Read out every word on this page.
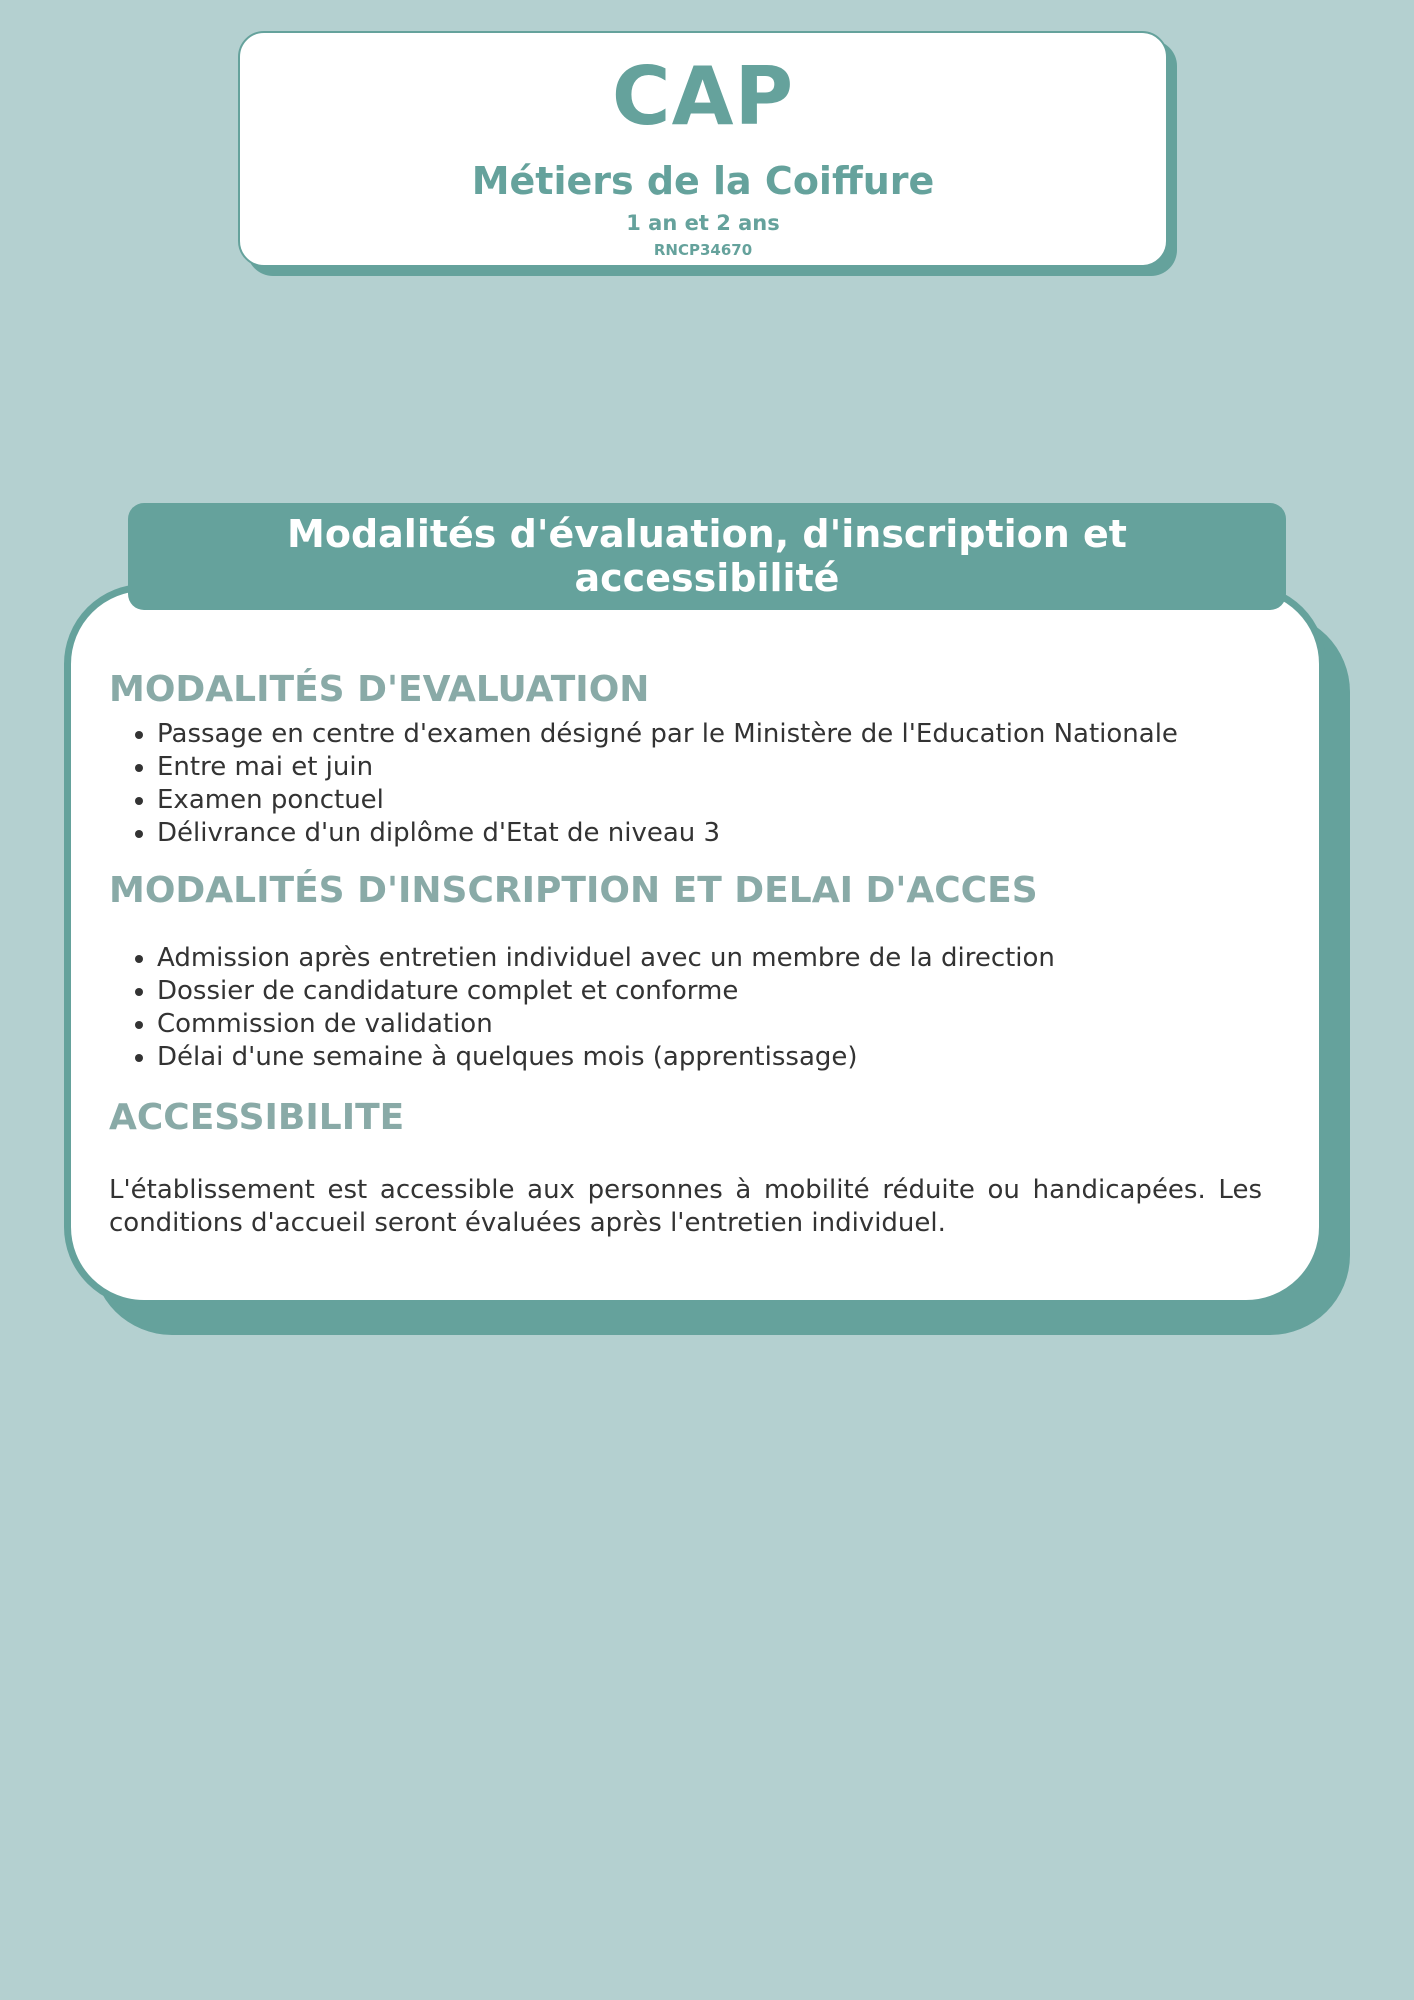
CAP
Métiers de la Coiffure
1 an et 2 ans
RNCP34670
Modalités d'évaluation, d'inscription et accessibilité
MODALITÉS D'EVALUATION
• Passage en centre d'examen désigné par le Ministère de l'Education Nationale
• Entre mai et juin
• Examen ponctuel
• Délivrance d'un diplôme d'Etat de niveau 3
MODALITÉS D'INSCRIPTION ET DELAI D'ACCES
• Admission après entretien individuel avec un membre de la direction
• Dossier de candidature complet et conforme
• Commission de validation
• Délai d'une semaine à quelques mois (apprentissage)
ACCESSIBILITE

L'établissement est accessible aux personnes à mobilité réduite ou handicapées. Les conditions d'accueil seront évaluées après l'entretien individuel.
